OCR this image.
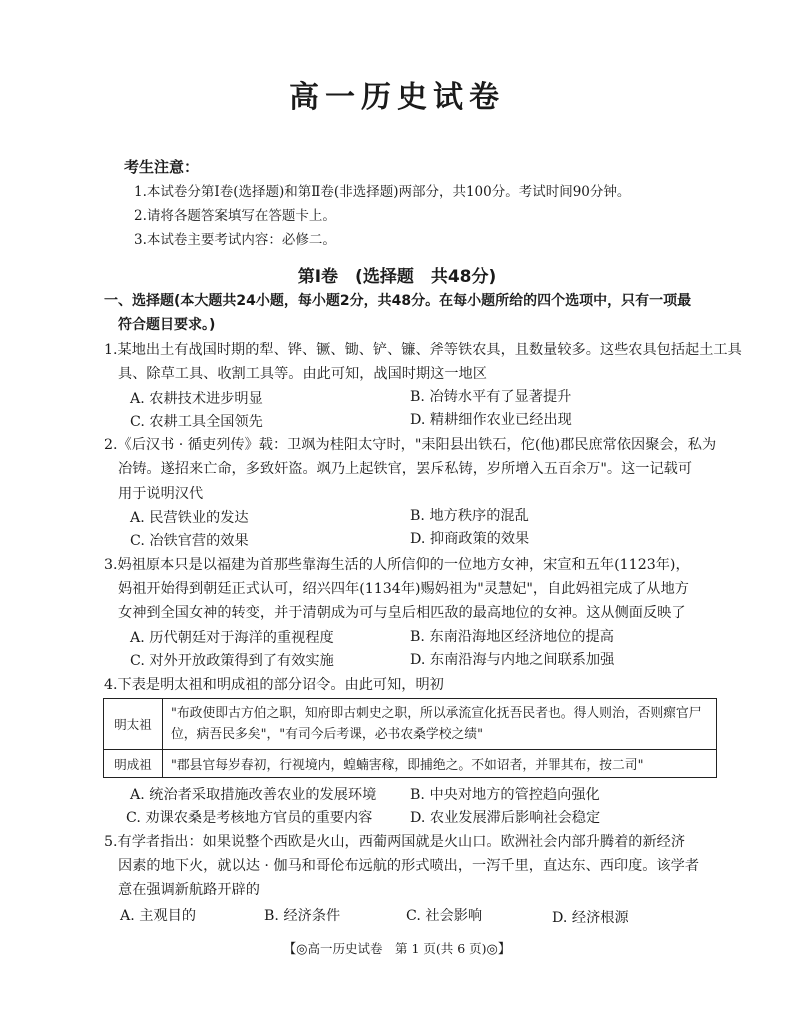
高一历史试卷
考生注意：
1.本试卷分第Ⅰ卷(选择题)和第Ⅱ卷(非选择题)两部分，共100分。考试时间90分钟。
2.请将各题答案填写在答题卡上。
3.本试卷主要考试内容：必修二。
第Ⅰ卷　(选择题　共48分)
一、选择题(本大题共24小题，每小题2分，共48分。在每小题所给的四个选项中，只有一项最
符合题目要求。)
1.某地出土有战国时期的犁、铧、镢、锄、铲、镰、斧等铁农具，且数量较多。这些农具包括起土工具
具、除草工具、收割工具等。由此可知，战国时期这一地区
A. 农耕技术进步明显	B. 冶铸水平有了显著提升
C. 农耕工具全国领先	D. 精耕细作农业已经出现
2.《后汉书 · 循吏列传》载：卫飒为桂阳太守时，"耒阳县出铁石，佗(他)郡民庶常依因聚会，私为
冶铸。遂招来亡命，多致奸盗。飒乃上起铁官，罢斥私铸，岁所增入五百余万"。这一记载可
用于说明汉代
A. 民营铁业的发达	B. 地方秩序的混乱
C. 冶铁官营的效果	D. 抑商政策的效果
3.妈祖原本只是以福建为首那些靠海生活的人所信仰的一位地方女神，宋宣和五年(1123年)，
妈祖开始得到朝廷正式认可，绍兴四年(1134年)赐妈祖为"灵慧妃"，自此妈祖完成了从地方
女神到全国女神的转变，并于清朝成为可与皇后相匹敌的最高地位的女神。这从侧面反映了
A. 历代朝廷对于海洋的重视程度	B. 东南沿海地区经济地位的提高
C. 对外开放政策得到了有效实施	D. 东南沿海与内地之间联系加强
4.下表是明太祖和明成祖的部分诏令。由此可知，明初
明太祖	"布政使即古方伯之职，知府即古刺史之职，所以承流宣化抚吾民者也。得人则治，否则瘝官尸位，病吾民多矣"，"有司今后考课，必书农桑学校之绩"
明成祖	"郡县官每岁春初，行视境内，蝗蝻害稼，即捕绝之。不如诏者，并罪其布，按二司"
A. 统治者采取措施改善农业的发展环境 B. 中央对地方的管控趋向强化
C. 劝课农桑是考核地方官员的重要内容	D. 农业发展滞后影响社会稳定
5.有学者指出：如果说整个西欧是火山，西葡两国就是火山口。欧洲社会内部升腾着的新经济
因素的地下火，就以达 · 伽马和哥伦布远航的形式喷出，一泻千里，直达东、西印度。该学者
意在强调新航路开辟的
A. 主观目的	B. 经济条件	C. 社会影响	D. 经济根源
【◎高一历史试卷　第 1 页(共 6 页)◎】
